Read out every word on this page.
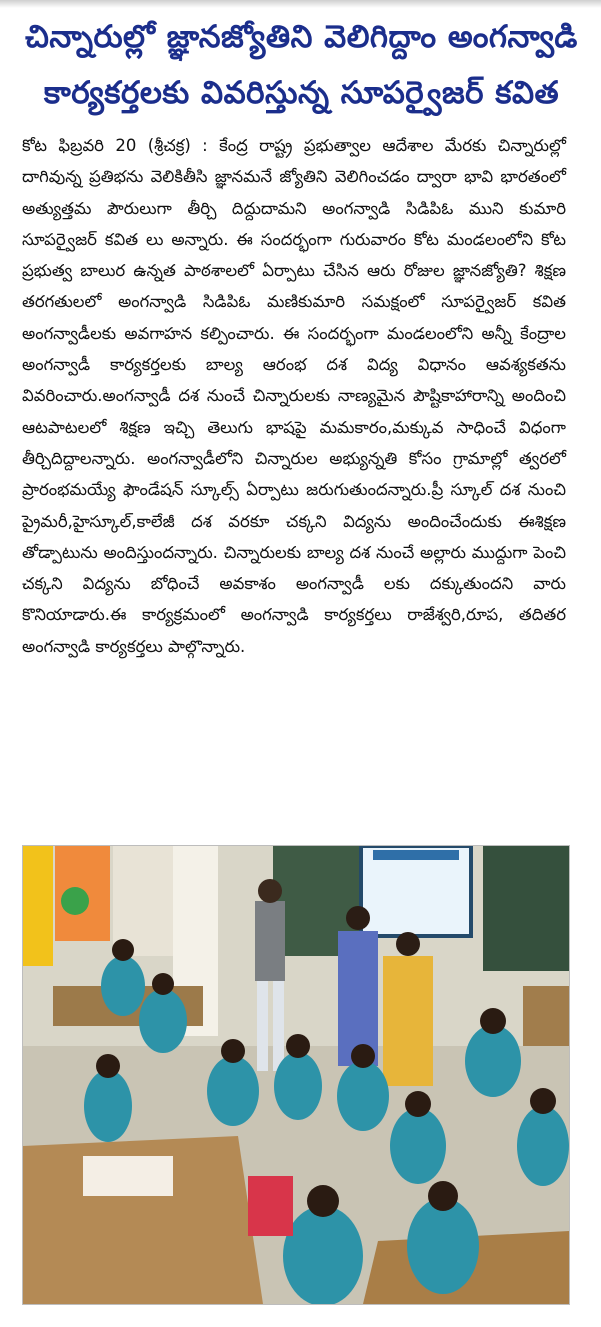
చిన్నారుల్లో జ్ఞానజ్యోతిని వెలిగిద్దాం అంగన్వాడి
కార్యకర్తలకు వివరిస్తున్న సూపర్వైజర్ కవిత

కోట ఫిబ్రవరి 20 (శ్రీచక్ర) : కేంద్ర రాష్ట్ర ప్రభుత్వాల ఆదేశాల మేరకు చిన్నారుల్లో దాగివున్న ప్రతిభను వెలికితీసి జ్ఞానమనే జ్యోతిని వెలిగించడం ద్వారా భావి భారతంలో అత్యుత్తమ పౌరులుగా తీర్చి దిద్దుదామని అంగన్వాడి సిడిపిఓ ముని కుమారి సూపర్వైజర్ కవిత లు అన్నారు. ఈ సందర్భంగా గురువారం కోట మండలంలోని కోట ప్రభుత్వ బాలుర ఉన్నత పాఠశాలలో ఏర్పాటు చేసిన ఆరు రోజుల జ్ఞానజ్యోతి? శిక్షణ తరగతులలో అంగన్వాడి సిడిపిఓ మణికుమారి సమక్షంలో సూపర్వైజర్ కవిత అంగన్వాడీలకు అవగాహన కల్పించారు. ఈ సందర్భంగా మండలంలోని అన్నీ కేంద్రాల అంగన్వాడీ కార్యకర్తలకు బాల్య ఆరంభ దశ విద్య విధానం ఆవశ్యకతను వివరించారు.అంగన్వాడీ దశ నుంచే చిన్నారులకు నాణ్యమైన పౌష్టికాహారాన్ని అందించి ఆటపాటలలో శిక్షణ ఇచ్చి తెలుగు భాషపై మమకారం,మక్కువ సాధించే విధంగా తీర్చిదిద్దాలన్నారు. అంగన్వాడీలోని చిన్నారుల అభ్యున్నతి కోసం గ్రామాల్లో త్వరలో ప్రారంభమయ్యే ఫౌండేషన్ స్కూల్స్ ఏర్పాటు జరుగుతుందన్నారు.ప్రీ స్కూల్ దశ నుంచి ప్రైమరీ,హైస్కూల్,కాలేజీ దశ వరకూ చక్కని విద్యను అందించేందుకు ఈశిక్షణ తోడ్పాటును అందిస్తుందన్నారు. చిన్నారులకు బాల్య దశ నుంచే అల్లారు ముద్దుగా పెంచి చక్కని విద్యను బోధించే అవకాశం అంగన్వాడీ లకు దక్కుతుందని వారు కొనియాడారు.ఈ కార్యక్రమంలో అంగన్వాడి కార్యకర్తలు రాజేశ్వరి,రూప, తదితర అంగన్వాడి కార్యకర్తలు పాల్గొన్నారు.
